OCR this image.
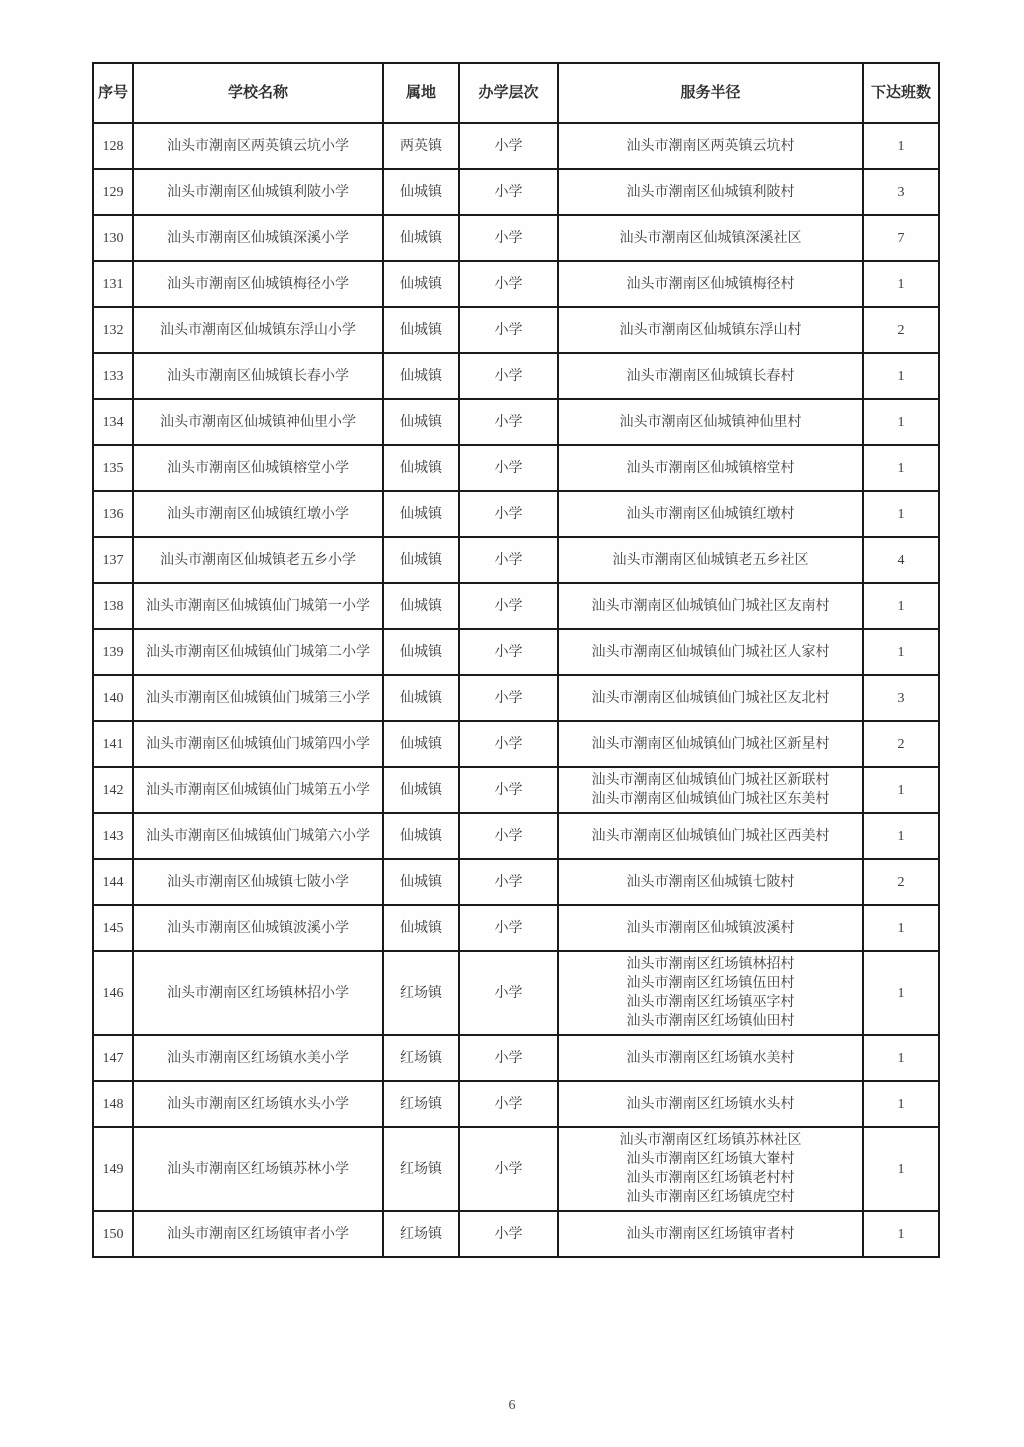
序号	学校名称	属地	办学层次	服务半径	下达班数
128	汕头市潮南区两英镇云坑小学	两英镇	小学	汕头市潮南区两英镇云坑村	1
129	汕头市潮南区仙城镇利陂小学	仙城镇	小学	汕头市潮南区仙城镇利陂村	3
130	汕头市潮南区仙城镇深溪小学	仙城镇	小学	汕头市潮南区仙城镇深溪社区	7
131	汕头市潮南区仙城镇梅径小学	仙城镇	小学	汕头市潮南区仙城镇梅径村	1
132	汕头市潮南区仙城镇东浮山小学	仙城镇	小学	汕头市潮南区仙城镇东浮山村	2
133	汕头市潮南区仙城镇长春小学	仙城镇	小学	汕头市潮南区仙城镇长春村	1
134	汕头市潮南区仙城镇神仙里小学	仙城镇	小学	汕头市潮南区仙城镇神仙里村	1
135	汕头市潮南区仙城镇榕堂小学	仙城镇	小学	汕头市潮南区仙城镇榕堂村	1
136	汕头市潮南区仙城镇红墩小学	仙城镇	小学	汕头市潮南区仙城镇红墩村	1
137	汕头市潮南区仙城镇老五乡小学	仙城镇	小学	汕头市潮南区仙城镇老五乡社区	4
138	汕头市潮南区仙城镇仙门城第一小学	仙城镇	小学	汕头市潮南区仙城镇仙门城社区友南村	1
139	汕头市潮南区仙城镇仙门城第二小学	仙城镇	小学	汕头市潮南区仙城镇仙门城社区人家村	1
140	汕头市潮南区仙城镇仙门城第三小学	仙城镇	小学	汕头市潮南区仙城镇仙门城社区友北村	3
141	汕头市潮南区仙城镇仙门城第四小学	仙城镇	小学	汕头市潮南区仙城镇仙门城社区新星村	2
142	汕头市潮南区仙城镇仙门城第五小学	仙城镇	小学	汕头市潮南区仙城镇仙门城社区新联村
汕头市潮南区仙城镇仙门城社区东美村	1
143	汕头市潮南区仙城镇仙门城第六小学	仙城镇	小学	汕头市潮南区仙城镇仙门城社区西美村	1
144	汕头市潮南区仙城镇七陂小学	仙城镇	小学	汕头市潮南区仙城镇七陂村	2
145	汕头市潮南区仙城镇波溪小学	仙城镇	小学	汕头市潮南区仙城镇波溪村	1
146	汕头市潮南区红场镇林招小学	红场镇	小学	汕头市潮南区红场镇林招村
汕头市潮南区红场镇伍田村
汕头市潮南区红场镇巫字村
汕头市潮南区红场镇仙田村	1
147	汕头市潮南区红场镇水美小学	红场镇	小学	汕头市潮南区红场镇水美村	1
148	汕头市潮南区红场镇水头小学	红场镇	小学	汕头市潮南区红场镇水头村	1
149	汕头市潮南区红场镇苏林小学	红场镇	小学	汕头市潮南区红场镇苏林社区
汕头市潮南区红场镇大輋村
汕头市潮南区红场镇老村村
汕头市潮南区红场镇虎空村	1
150	汕头市潮南区红场镇审者小学	红场镇	小学	汕头市潮南区红场镇审者村	1
6
